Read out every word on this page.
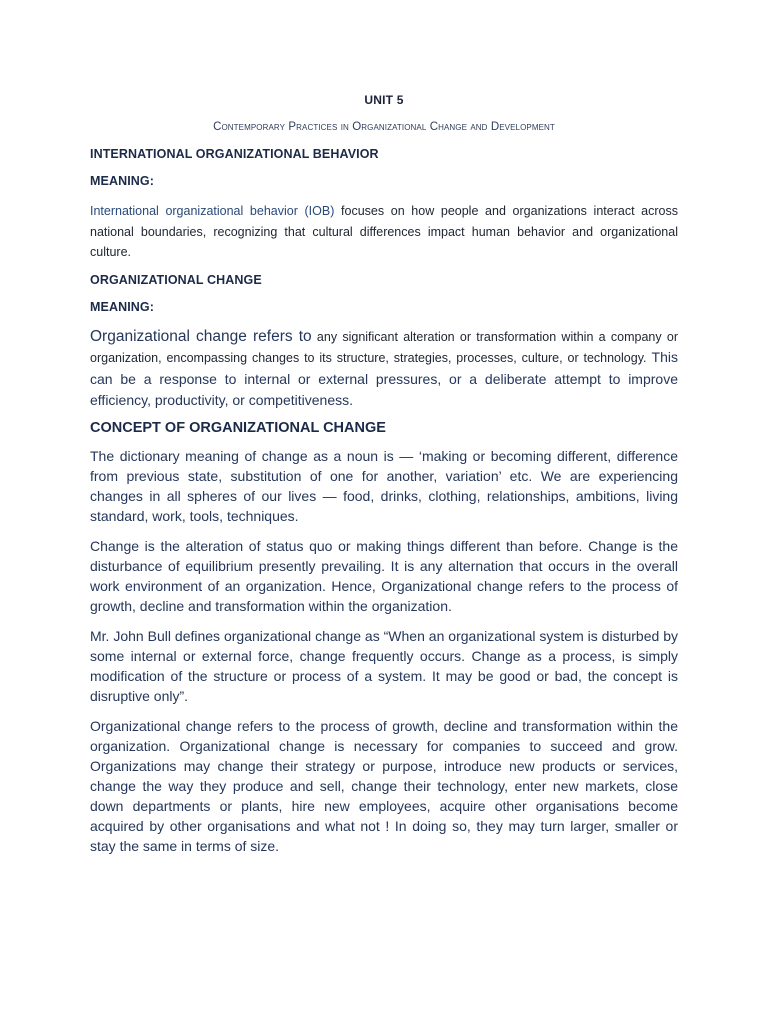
UNIT 5
Contemporary Practices in Organizational Change and Development
INTERNATIONAL ORGANIZATIONAL BEHAVIOR
MEANING:

International organizational behavior (IOB) focuses on how people and organizations interact across national boundaries, recognizing that cultural differences impact human behavior and organizational culture.

ORGANIZATIONAL CHANGE
MEANING:

Organizational change refers to any significant alteration or transformation within a company or organization, encompassing changes to its structure, strategies, processes, culture, or technology. This can be a response to internal or external pressures, or a deliberate attempt to improve efficiency, productivity, or competitiveness.

CONCEPT OF ORGANIZATIONAL CHANGE

The dictionary meaning of change as a noun is — ‘making or becoming different, difference from previous state, substitution of one for another, variation’ etc. We are experiencing changes in all spheres of our lives — food, drinks, clothing, relationships, ambitions, living standard, work, tools, techniques.

Change is the alteration of status quo or making things different than before. Change is the disturbance of equilibrium presently prevailing. It is any alternation that occurs in the overall work environment of an organization. Hence, Organizational change refers to the process of growth, decline and transformation within the organization.

Mr. John Bull defines organizational change as “When an organizational system is disturbed by some internal or external force, change frequently occurs. Change as a process, is simply modification of the structure or process of a system. It may be good or bad, the concept is disruptive only”.

Organizational change refers to the process of growth, decline and transformation within the organization. Organizational change is necessary for companies to succeed and grow. Organizations may change their strategy or purpose, introduce new products or services, change the way they produce and sell, change their technology, enter new markets, close down departments or plants, hire new employees, acquire other organisations become acquired by other organisations and what not ! In doing so, they may turn larger, smaller or stay the same in terms of size.
